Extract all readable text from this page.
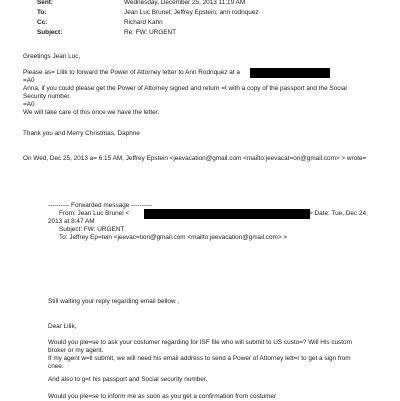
Sent:	Wednesday, December 25, 2013 11:19 AM
To:	Jean Luc Brunel; Jeffrey Epstein; ann rodriquez
Cc:	Richard Kahn
Subject:	Re: FW: URGENT
Greetings Jean Luc,
Please as= Lilik to forward the Power of Attorney letter to Ann Rodriquez at a
=A0
Anna, if you could please get the Power of Attorney signed and return =t with a copy of the passport and the Social
Security number.
=A0
We will take care of this once we have the letter.
Thank you and Merry Christmas, Daphne
On Wed, Dec 25, 2013 a= 6:15 AM, Jeffrey Epstein <jeevacation@gmail.com <mailto:jeevacat=on@gmail.com> > wrote=
---------- Forwarded message ----------
From: Jean Luc Brunel <	> Date: Tue, Dec 24,
2013 at 8:47 AM
Subject: FW: URGENT
To: Jeffrey Ep=tein <jeevac=tion@gmail.com <mailto:jeevacation@gmail.com> >
Still waiting your reply regarding email bellow ,
Dear Lilik,
Would you ple=se to ask your costumer regarding for ISF file who will submit to US custo=? Will His custom
broker or my agent.
If my agent w=ll submit, we will need his email address to send a Power of Attorney lett=r to get a sign from
cnee.
And also to g=t his passport and Social security number.
Would you ple=se to inform me as soon as you get a confirmation from costumer
